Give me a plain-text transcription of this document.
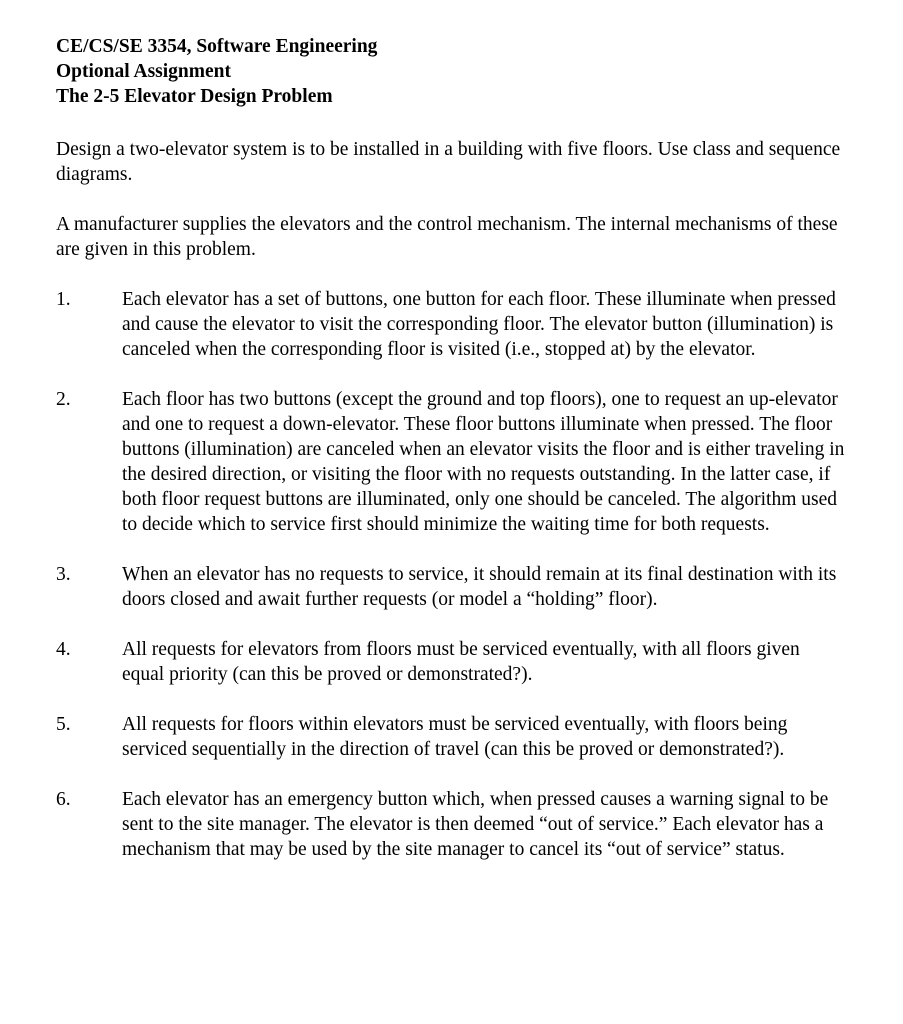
CE/CS/SE 3354, Software Engineering
Optional Assignment
The 2-5 Elevator Design Problem
Design a two-elevator system is to be installed in a building with five floors. Use class and sequence diagrams.
A manufacturer supplies the elevators and the control mechanism. The internal mechanisms of these are given in this problem.
1.	Each elevator has a set of buttons, one button for each floor. These illuminate when pressed and cause the elevator to visit the corresponding floor. The elevator button (illumination) is canceled when the corresponding floor is visited (i.e., stopped at) by the elevator.
2.	Each floor has two buttons (except the ground and top floors), one to request an up-elevator and one to request a down-elevator. These floor buttons illuminate when pressed. The floor buttons (illumination) are canceled when an elevator visits the floor and is either traveling in the desired direction, or visiting the floor with no requests outstanding. In the latter case, if both floor request buttons are illuminated, only one should be canceled. The algorithm used to decide which to service first should minimize the waiting time for both requests.
3.	When an elevator has no requests to service, it should remain at its final destination with its doors closed and await further requests (or model a “holding” floor).
4.	All requests for elevators from floors must be serviced eventually, with all floors given equal priority (can this be proved or demonstrated?).
5.	All requests for floors within elevators must be serviced eventually, with floors being serviced sequentially in the direction of travel (can this be proved or demonstrated?).
6.	Each elevator has an emergency button which, when pressed causes a warning signal to be sent to the site manager. The elevator is then deemed “out of service.” Each elevator has a mechanism that may be used by the site manager to cancel its “out of service” status.
